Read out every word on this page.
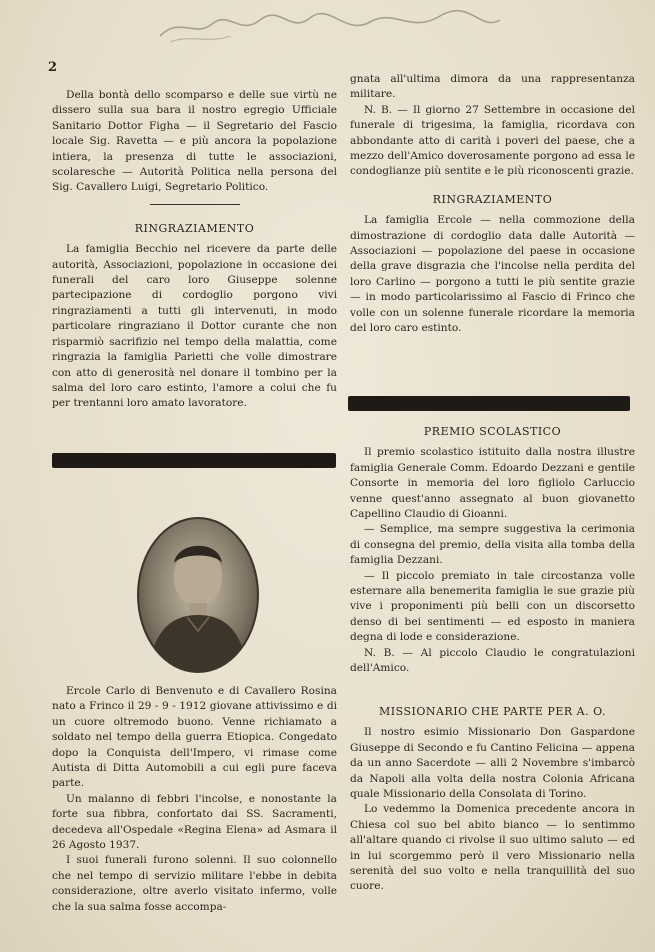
2

Della bontà dello scomparso e delle sue virtù ne dissero sulla sua bara il nostro egregio Ufficiale Sanitario Dottor Figha — il Segretario del Fascio locale Sig. Ravetta — e più ancora la popolazione intiera, la presenza di tutte le associazioni, scolaresche — Autorità Politica nella persona del Sig. Cavallero Luigi, Segretario Politico.

RINGRAZIAMENTO

La famiglia Becchio nel ricevere da parte delle autorità, Associazioni, popolazione in occasione dei funerali del caro loro Giuseppe solenne partecipazione di cordoglio porgono vivi ringraziamenti a tutti gli intervenuti, in modo particolare ringraziano il Dottor curante che non risparmiò sacrifizio nel tempo della malattia, come ringrazia la famiglia Parietti che volle dimostrare con atto di generosità nel donare il tombino per la salma del loro caro estinto, l'amore a colui che fu per trentanni loro amato lavoratore.

Ercole Carlo di Benvenuto e di Cavallero Rosina nato a Frinco il 29 - 9 - 1912 giovane attivissimo e di un cuore oltremodo buono. Venne richiamato a soldato nel tempo della guerra Etiopica. Congedato dopo la Conquista dell'Impero, vi rimase come Autista di Ditta Automobili a cui egli pure faceva parte.

Un malanno di febbri l'incolse, e nonostante la forte sua fibbra, confortato dai SS. Sacramenti, decedeva all'Ospedale «Regina Elena» ad Asmara il 26 Agosto 1937.

I suoi funerali furono solenni. Il suo colonnello che nel tempo di servizio militare l'ebbe in debita considerazione, oltre averlo visitato infermo, volle che la sua salma fosse accompa-

gnata all'ultima dimora da una rappresentanza militare.

N. B. — Il giorno 27 Settembre in occasione del funerale di trigesima, la famiglia, ricordava con abbondante atto di carità i poveri del paese, che a mezzo dell'Amico doverosamente porgono ad essa le condoglianze più sentite e le più riconoscenti grazie.

RINGRAZIAMENTO

La famiglia Ercole — nella commozione della dimostrazione di cordoglio data dalle Autorità — Associazioni — popolazione del paese in occasione della grave disgrazia che l'incolse nella perdita del loro Carlino — porgono a tutti le più sentite grazie — in modo particolarissimo al Fascio di Frinco che volle con un solenne funerale ricordare la memoria del loro caro estinto.

PREMIO SCOLASTICO

Il premio scolastico istituito dalla nostra illustre famiglia Generale Comm. Edoardo Dezzani e gentile Consorte in memoria del loro figliolo Carluccio venne quest'anno assegnato al buon giovanetto Capellino Claudio di Gioanni.

— Semplice, ma sempre suggestiva la cerimonia di consegna del premio, della visita alla tomba della famiglia Dezzani.

— Il piccolo premiato in tale circostanza volle esternare alla benemerita famiglia le sue grazie più vive i proponimenti più belli con un discorsetto denso di bei sentimenti — ed esposto in maniera degna di lode e considerazione.

N. B. — Al piccolo Claudio le congratulazioni dell'Amico.

MISSIONARIO CHE PARTE PER A. O.

Il nostro esimio Missionario Don Gaspardone Giuseppe di Secondo e fu Cantino Felicina — appena da un anno Sacerdote — alli 2 Novembre s'imbarcò da Napoli alla volta della nostra Colonia Africana quale Missionario della Consolata di Torino.

Lo vedemmo la Domenica precedente ancora in Chiesa col suo bel abito bianco — lo sentimmo all'altare quando ci rivolse il suo ultimo saluto — ed in lui scorgemmo però il vero Missionario nella serenità del suo volto e nella tranquillità del suo cuore.
